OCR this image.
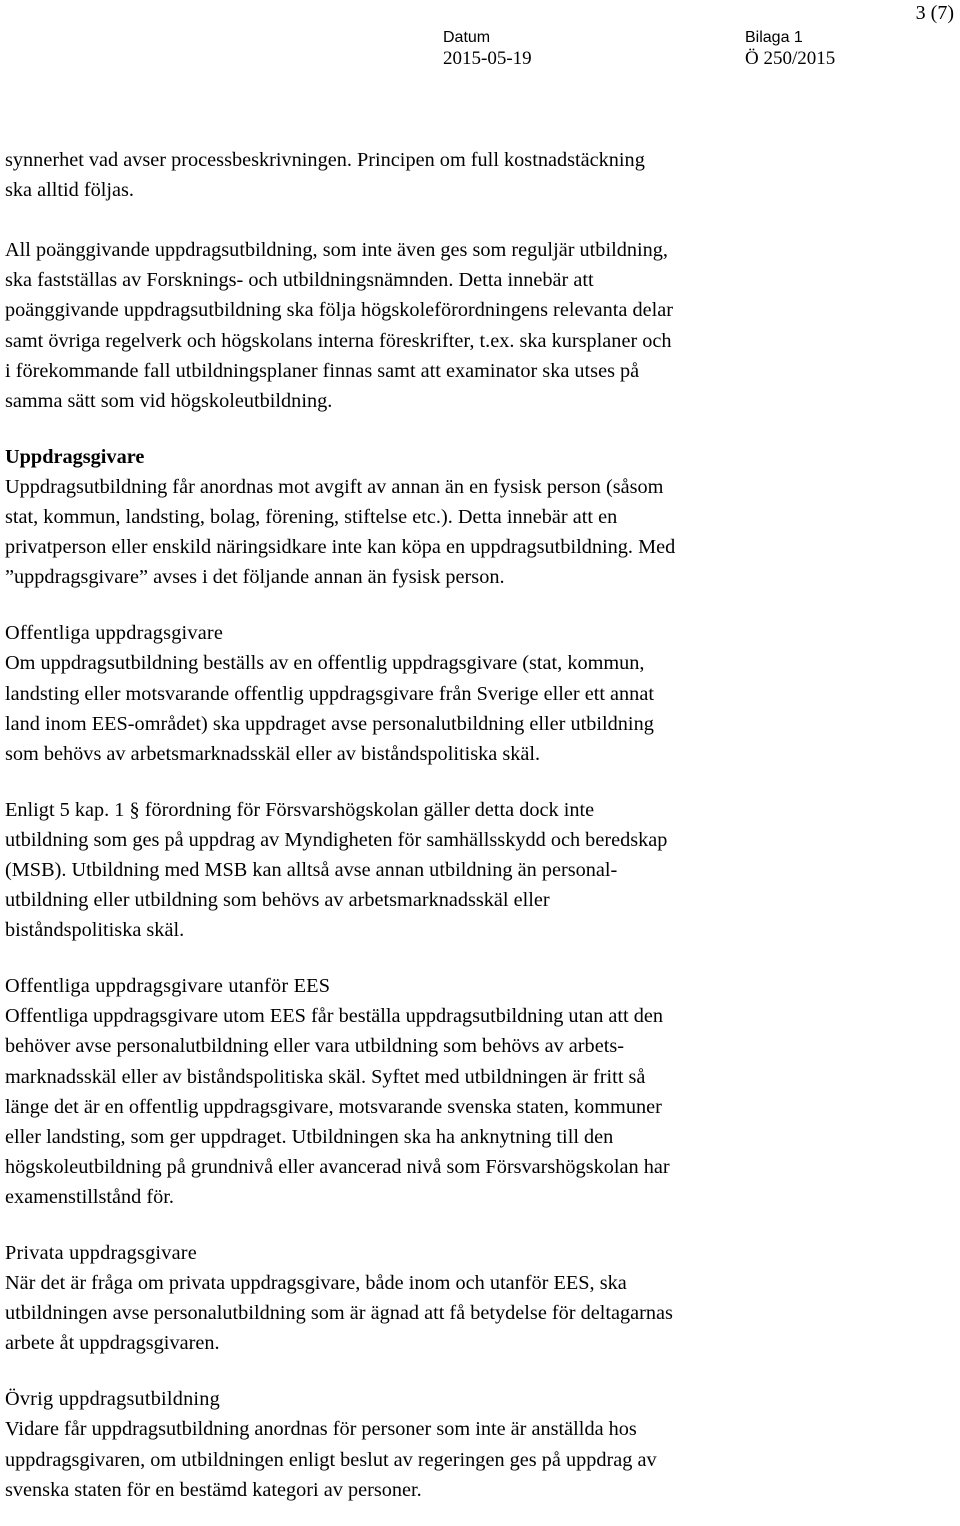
3 (7)
Datum
2015-05-19
Bilaga 1
Ö 250/2015
synnerhet vad avser processbeskrivningen. Principen om full kostnadstäckning
ska alltid följas.
All poänggivande uppdragsutbildning, som inte även ges som reguljär utbildning,
ska fastställas av Forsknings- och utbildningsnämnden. Detta innebär att
poänggivande uppdragsutbildning ska följa högskoleförordningens relevanta delar
samt övriga regelverk och högskolans interna föreskrifter, t.ex. ska kursplaner och
i förekommande fall utbildningsplaner finnas samt att examinator ska utses på
samma sätt som vid högskoleutbildning.
Uppdragsgivare
Uppdragsutbildning får anordnas mot avgift av annan än en fysisk person (såsom
stat, kommun, landsting, bolag, förening, stiftelse etc.). Detta innebär att en
privatperson eller enskild näringsidkare inte kan köpa en uppdragsutbildning. Med
”uppdragsgivare” avses i det följande annan än fysisk person.
Offentliga uppdragsgivare
Om uppdragsutbildning beställs av en offentlig uppdragsgivare (stat, kommun,
landsting eller motsvarande offentlig uppdragsgivare från Sverige eller ett annat
land inom EES-området) ska uppdraget avse personalutbildning eller utbildning
som behövs av arbetsmarknadsskäl eller av biståndspolitiska skäl.
Enligt 5 kap. 1 § förordning för Försvarshögskolan gäller detta dock inte
utbildning som ges på uppdrag av Myndigheten för samhällsskydd och beredskap
(MSB). Utbildning med MSB kan alltså avse annan utbildning än personal-
utbildning eller utbildning som behövs av arbetsmarknadsskäl eller
biståndspolitiska skäl.
Offentliga uppdragsgivare utanför EES
Offentliga uppdragsgivare utom EES får beställa uppdragsutbildning utan att den
behöver avse personalutbildning eller vara utbildning som behövs av arbets-
marknadsskäl eller av biståndspolitiska skäl. Syftet med utbildningen är fritt så
länge det är en offentlig uppdragsgivare, motsvarande svenska staten, kommuner
eller landsting, som ger uppdraget. Utbildningen ska ha anknytning till den
högskoleutbildning på grundnivå eller avancerad nivå som Försvarshögskolan har
examenstillstånd för.
Privata uppdragsgivare
När det är fråga om privata uppdragsgivare, både inom och utanför EES, ska
utbildningen avse personalutbildning som är ägnad att få betydelse för deltagarnas
arbete åt uppdragsgivaren.
Övrig uppdragsutbildning
Vidare får uppdragsutbildning anordnas för personer som inte är anställda hos
uppdragsgivaren, om utbildningen enligt beslut av regeringen ges på uppdrag av
svenska staten för en bestämd kategori av personer.
